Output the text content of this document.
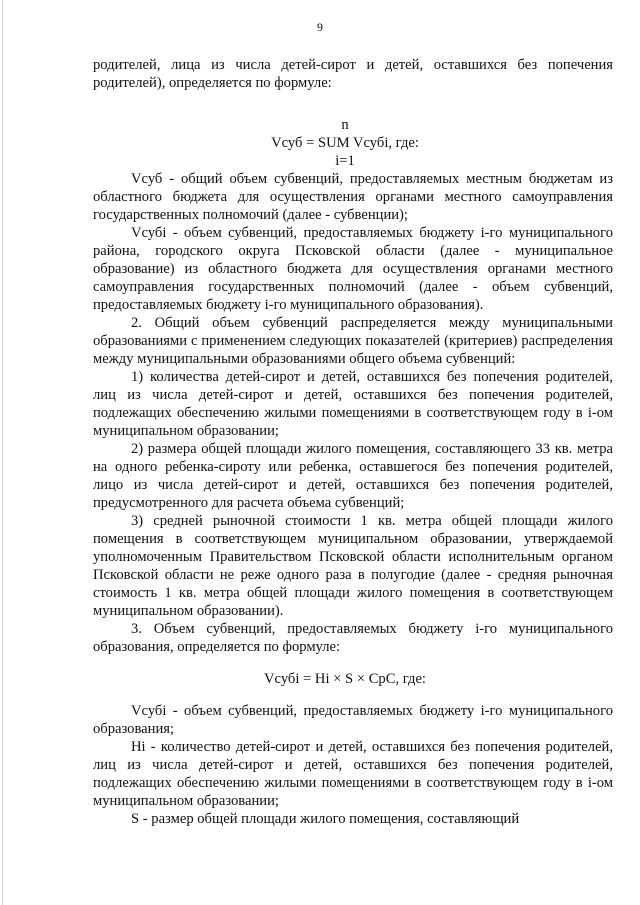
9

родителей, лица из числа детей-сирот и детей, оставшихся без попечения родителей), определяется по формуле:

n

Vсуб = SUM Vсубi, где:

i=1

Vсуб - общий объем субвенций, предоставляемых местным бюджетам из областного бюджета для осуществления органами местного самоуправления государственных полномочий (далее - субвенции);

Vсубi - объем субвенций, предоставляемых бюджету i-го муниципального района, городского округа Псковской области (далее - муниципальное образование) из областного бюджета для осуществления органами местного самоуправления государственных полномочий (далее - объем субвенций, предоставляемых бюджету i-го муниципального образования).

2. Общий объем субвенций распределяется между муниципальными образованиями с применением следующих показателей (критериев) распределения между муниципальными образованиями общего объема субвенций:

1) количества детей-сирот и детей, оставшихся без попечения родителей, лиц из числа детей-сирот и детей, оставшихся без попечения родителей, подлежащих обеспечению жилыми помещениями в соответствующем году в i-ом муниципальном образовании;

2) размера общей площади жилого помещения, составляющего 33 кв. метра на одного ребенка-сироту или ребенка, оставшегося без попечения родителей, лицо из числа детей-сирот и детей, оставшихся без попечения родителей, предусмотренного для расчета объема субвенций;

3) средней рыночной стоимости 1 кв. метра общей площади жилого помещения в соответствующем муниципальном образовании, утверждаемой уполномоченным Правительством Псковской области исполнительным органом Псковской области не реже одного раза в полугодие (далее - средняя рыночная стоимость 1 кв. метра общей площади жилого помещения в соответствующем муниципальном образовании).

3. Объем субвенций, предоставляемых бюджету i-го муниципального образования, определяется по формуле:

Vсубi = Нi × S × СрС, где:

Vсубi - объем субвенций, предоставляемых бюджету i-го муниципального образования;

Нi - количество детей-сирот и детей, оставшихся без попечения родителей, лиц из числа детей-сирот и детей, оставшихся без попечения родителей, подлежащих обеспечению жилыми помещениями в соответствующем году в i-ом муниципальном образовании;

S - размер общей площади жилого помещения, составляющий
